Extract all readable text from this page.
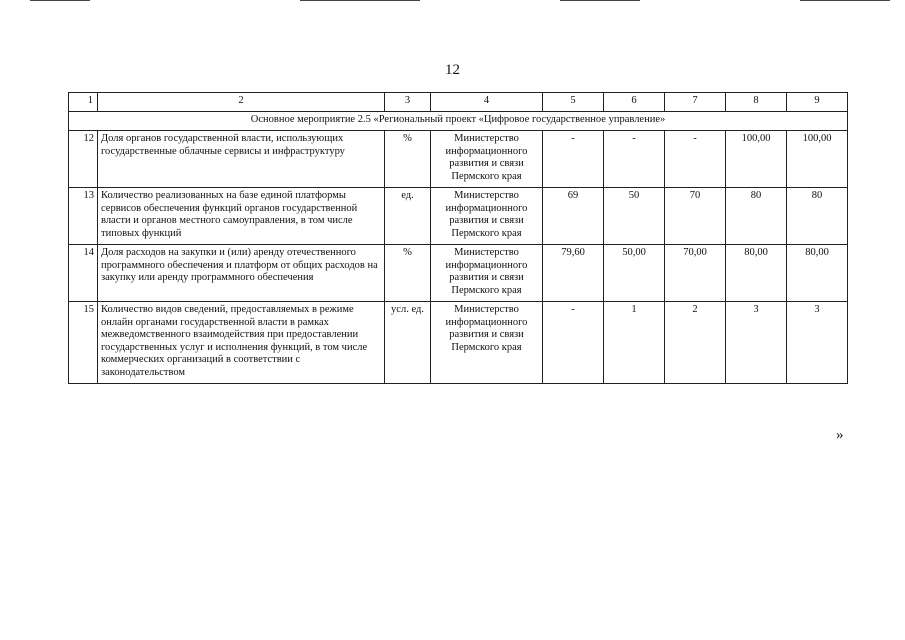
12
1	2	3	4	5	6	7	8	9
Основное мероприятие 2.5 «Региональный проект «Цифровое государственное управление»								
12	Доля органов государственной власти, использующих государственные облачные сервисы и инфраструктуру	%	Министерство информационного развития и связи Пермского края	-	-	-	100,00	100,00
13	Количество реализованных на базе единой платформы сервисов обеспечения функций органов государственной власти и органов местного самоуправления, в том числе типовых функций	ед.	Министерство информационного развития и связи Пермского края	69	50	70	80	80
14	Доля расходов на закупки и (или) аренду отечественного программного обеспечения и платформ от общих расходов на закупку или аренду программного обеспечения	%	Министерство информационного развития и связи Пермского края	79,60	50,00	70,00	80,00	80,00
15	Количество видов сведений, предоставляемых в режиме онлайн органами государственной власти в рамках межведомственного взаимодействия при предоставлении государственных услуг и исполнения функций, в том числе коммерческих организаций в соответствии с законодательством	усл. ед.	Министерство информационного развития и связи Пермского края	-	1	2	3	3
»
